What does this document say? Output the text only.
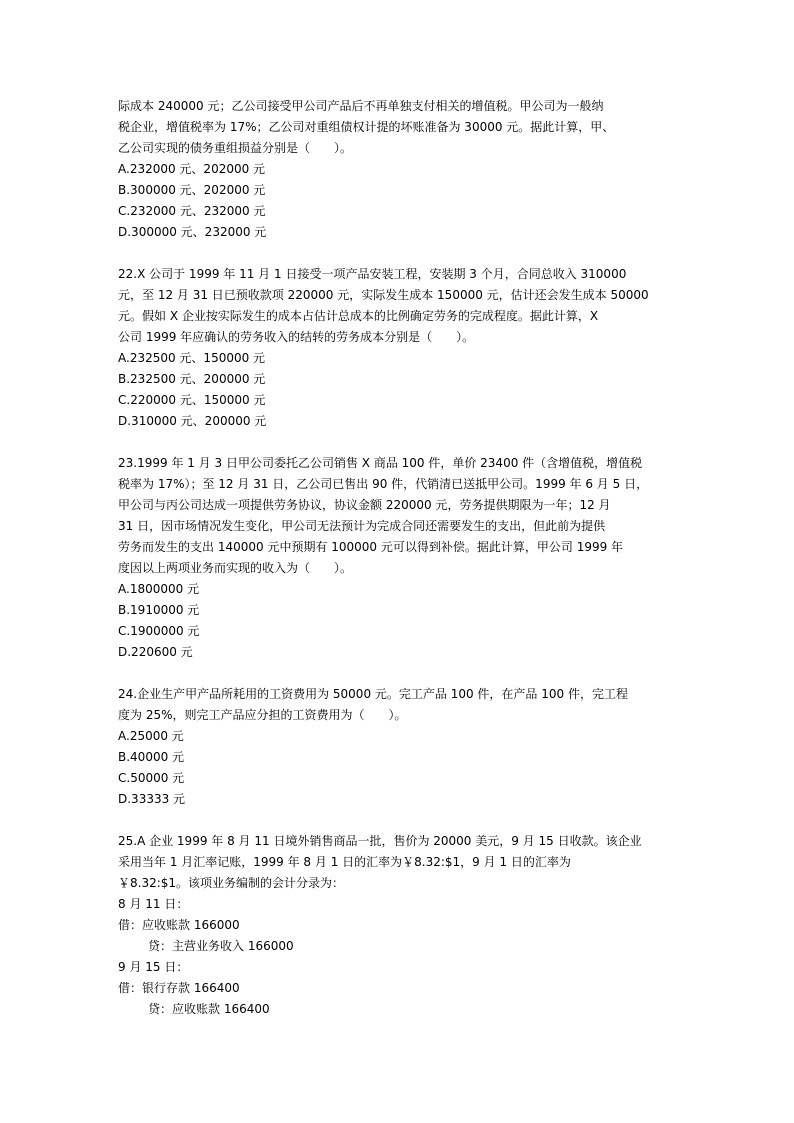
际成本 240000 元；乙公司接受甲公司产品后不再单独支付相关的增值税。甲公司为一般纳
税企业，增值税率为 17%；乙公司对重组债权计提的坏账准备为 30000 元。据此计算，甲、
乙公司实现的债务重组损益分别是（　　）。
A.232000 元、202000 元
B.300000 元、202000 元
C.232000 元、232000 元
D.300000 元、232000 元
22.X 公司于 1999 年 11 月 1 日接受一项产品安装工程，安装期 3 个月，合同总收入 310000
元，至 12 月 31 日已预收款项 220000 元，实际发生成本 150000 元，估计还会发生成本 50000
元。假如 X 企业按实际发生的成本占估计总成本的比例确定劳务的完成程度。据此计算，X
公司 1999 年应确认的劳务收入的结转的劳务成本分别是（　　）。
A.232500 元、150000 元
B.232500 元、200000 元
C.220000 元、150000 元
D.310000 元、200000 元
23.1999 年 1 月 3 日甲公司委托乙公司销售 X 商品 100 件，单价 23400 件（含增值税，增值税
税率为 17%）；至 12 月 31 日，乙公司已售出 90 件，代销清已送抵甲公司。1999 年 6 月 5 日，
甲公司与丙公司达成一项提供劳务协议，协议金额 220000 元，劳务提供期限为一年；12 月
31 日，因市场情况发生变化，甲公司无法预计为完成合同还需要发生的支出，但此前为提供
劳务而发生的支出 140000 元中预期有 100000 元可以得到补偿。据此计算，甲公司 1999 年
度因以上两项业务而实现的收入为（　　）。
A.1800000 元
B.1910000 元
C.1900000 元
D.220600 元
24.企业生产甲产品所耗用的工资费用为 50000 元。完工产品 100 件，在产品 100 件，完工程
度为 25%，则完工产品应分担的工资费用为（　　）。
A.25000 元
B.40000 元
C.50000 元
D.33333 元
25.A 企业 1999 年 8 月 11 日境外销售商品一批，售价为 20000 美元，9 月 15 日收款。该企业
采用当年 1 月汇率记账，1999 年 8 月 1 日的汇率为￥8.32:$1，9 月 1 日的汇率为
￥8.32:$1。该项业务编制的会计分录为：
8 月 11 日：
借：应收账款 166000
贷：主营业务收入 166000
9 月 15 日：
借：银行存款 166400
贷：应收账款 166400
